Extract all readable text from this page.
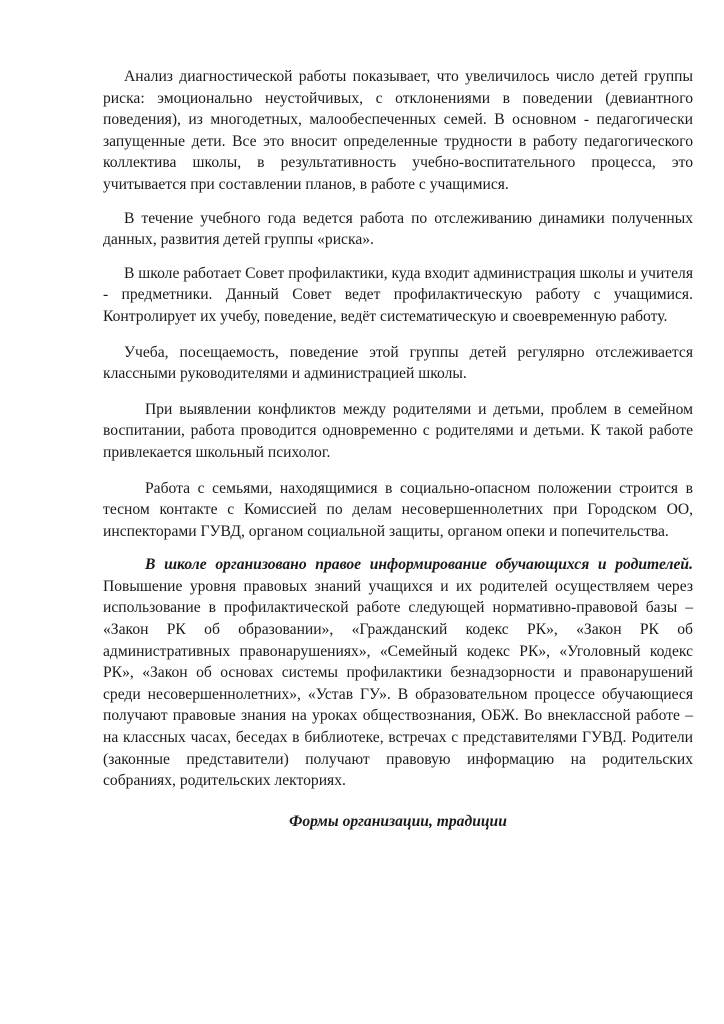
Анализ диагностической работы показывает, что увеличилось число детей группы риска: эмоционально неустойчивых, с отклонениями в поведении (девиантного поведения), из многодетных, малообеспеченных семей. В основном - педагогически запущенные дети. Все это вносит определенные трудности в работу педагогического коллектива школы, в результативность учебно-воспитательного процесса, это учитывается при составлении планов, в работе с учащимися.

В течение учебного года ведется работа по отслеживанию динамики полученных данных, развития детей группы «риска».

В школе работает Совет профилактики, куда входит администрация школы и учителя - предметники. Данный Совет ведет профилактическую работу с учащимися. Контролирует их учебу, поведение, ведёт систематическую и своевременную работу.

Учеба, посещаемость, поведение этой группы детей регулярно отслеживается классными руководителями и администрацией школы.

При выявлении конфликтов между родителями и детьми, проблем в семейном воспитании, работа проводится одновременно с родителями и детьми. К такой работе привлекается школьный психолог.

Работа с семьями, находящимися в социально-опасном положении строится в тесном контакте с Комиссией по делам несовершеннолетних при Городском ОО, инспекторами ГУВД, органом социальной защиты, органом опеки и попечительства.

В школе организовано правое информирование обучающихся и родителей. Повышение уровня правовых знаний учащихся и их родителей осуществляем через использование в профилактической работе следующей нормативно-правовой базы – «Закон РК об образовании», «Гражданский кодекс РК», «Закон РК об административных правонарушениях», «Семейный кодекс РК», «Уголовный кодекс РК», «Закон об основах системы профилактики безнадзорности и правонарушений среди несовершеннолетних», «Устав ГУ». В образовательном процессе обучающиеся получают правовые знания на уроках обществознания, ОБЖ. Во внеклассной работе – на классных часах, беседах в библиотеке, встречах с представителями ГУВД. Родители (законные представители) получают правовую информацию на родительских собраниях, родительских лекториях.

Формы организации, традиции
